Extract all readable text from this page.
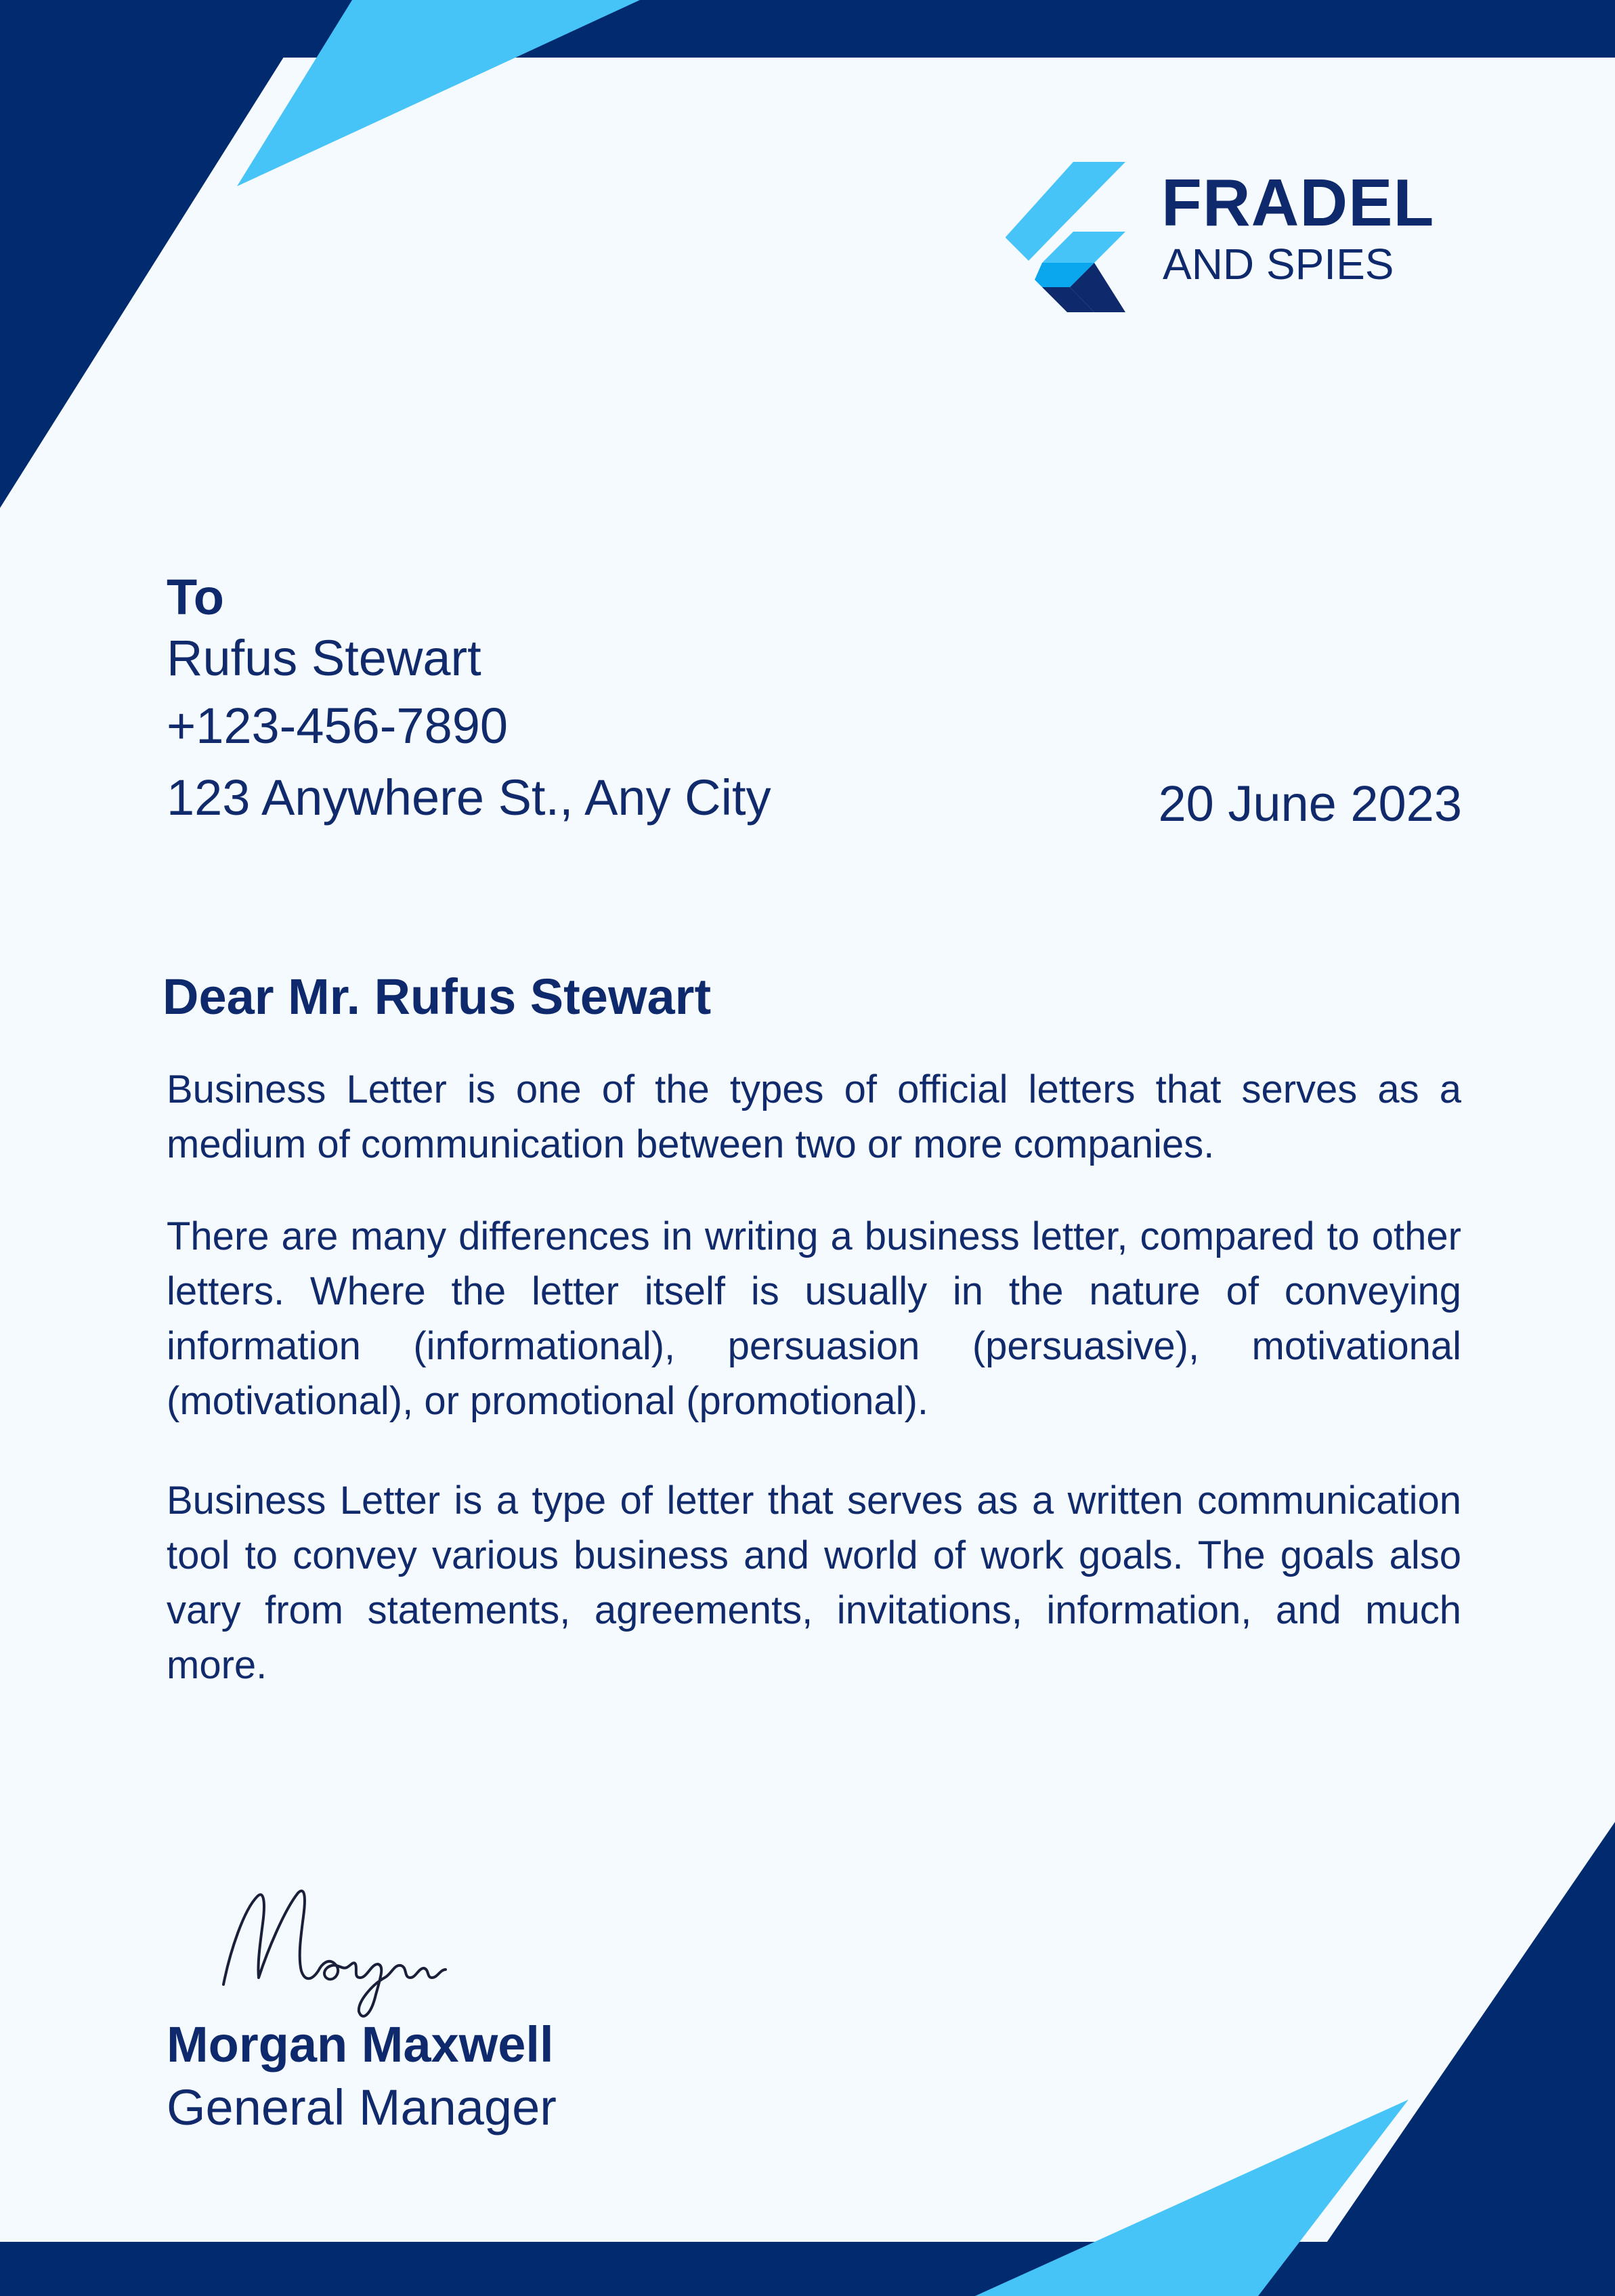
FRADEL
AND SPIES
To
Rufus Stewart
+123-456-7890
123 Anywhere St., Any City	20 June 2023
Dear Mr. Rufus Stewart

Business Letter is one of the types of official letters that serves as a medium of communication between two or more companies.

There are many differences in writing a business letter, compared to other letters. Where the letter itself is usually in the nature of conveying information (informational), persuasion (persuasive), motivational (motivational), or promotional (promotional).

Business Letter is a type of letter that serves as a written communication tool to convey various business and world of work goals. The goals also vary from statements, agreements, invitations, information, and much more.

Morgan Maxwell
General Manager
